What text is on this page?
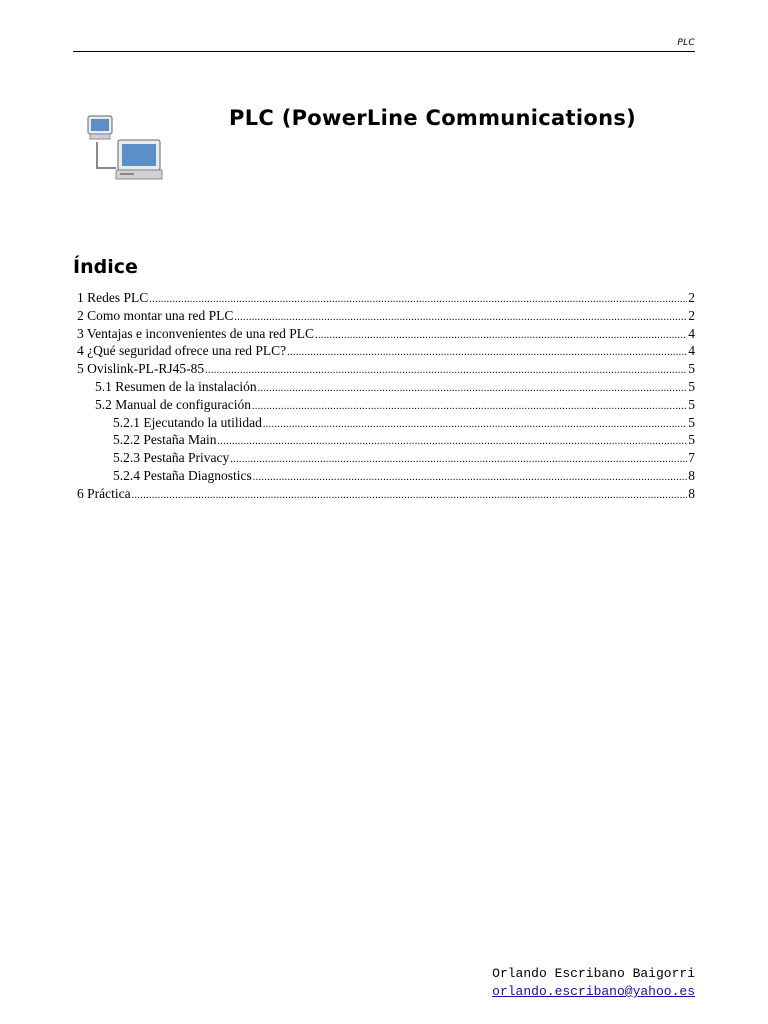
PLC
PLC (PowerLine Communications)
Índice
1 Redes PLC .....	2
2 Como montar una red PLC .....	2
3 Ventajas e inconvenientes de una red PLC .....	4
4 ¿Qué seguridad ofrece una red PLC? .....	4
5 Ovislink-PL-RJ45-85 .....	5
5.1 Resumen de la instalación .....	5
5.2 Manual de configuración .....	5
5.2.1 Ejecutando la utilidad .....	5
5.2.2 Pestaña Main .....	5
5.2.3 Pestaña Privacy .....	7
5.2.4 Pestaña Diagnostics .....	8
6 Práctica .....	8
Orlando Escribano Baigorri
orlando.escribano@yahoo.es
